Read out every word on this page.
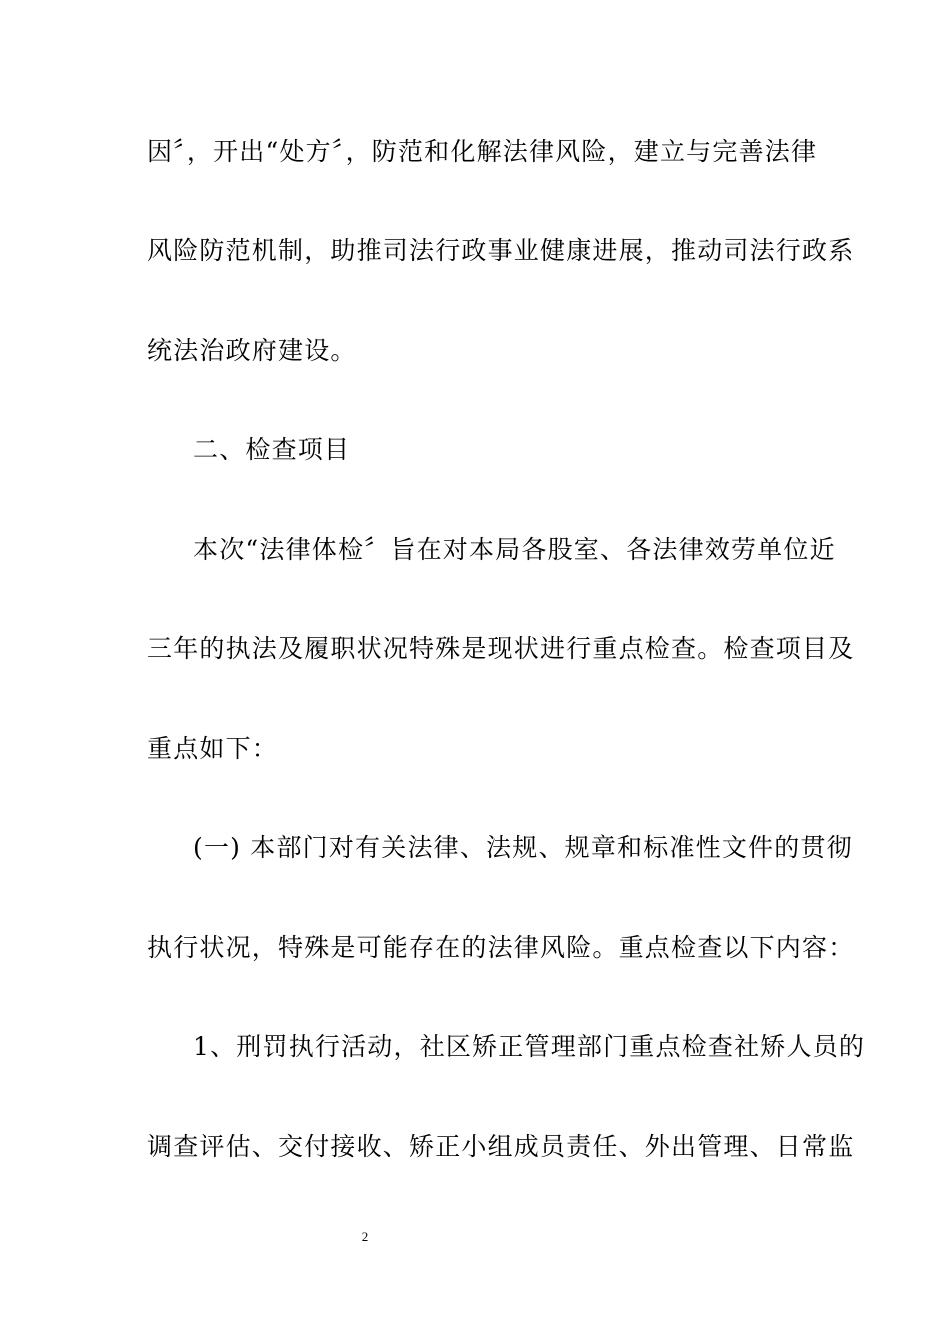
因〞，开出“处方〞，防范和化解法律风险，建立与完善法律
风险防范机制，助推司法行政事业健康进展，推动司法行政系
统法治政府建设。
二、检查项目
本次“法律体检〞旨在对本局各股室、各法律效劳单位近
三年的执法及履职状况特殊是现状进行重点检查。检查项目及
重点如下：
(一) 本部门对有关法律、法规、规章和标准性文件的贯彻
执行状况，特殊是可能存在的法律风险。重点检查以下内容：
1、刑罚执行活动，社区矫正管理部门重点检查社矫人员的
调查评估、交付接收、矫正小组成员责任、外出管理、日常监
2
